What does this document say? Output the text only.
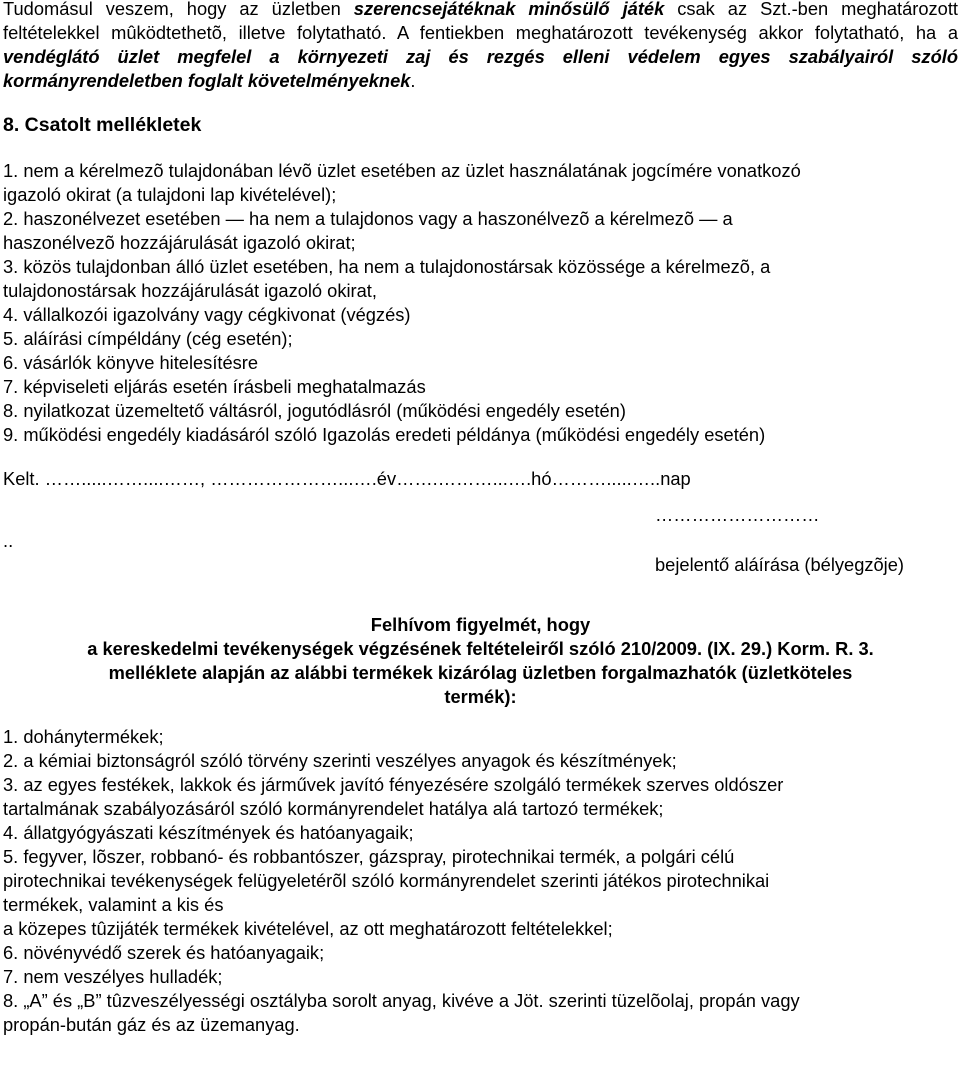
Tudomásul veszem, hogy az üzletben szerencsejátéknak minősülő játék csak az Szt.-ben meghatározott
feltételekkel mûködtethetõ, illetve folytatható. A fentiekben meghatározott tevékenység akkor folytatható, ha a
vendéglátó üzlet megfelel a környezeti zaj és rezgés elleni védelem egyes szabályairól szóló
kormányrendeletben foglalt követelményeknek.
8. Csatolt mellékletek
1. nem a kérelmezõ tulajdonában lévõ üzlet esetében az üzlet használatának jogcímére vonatkozó
igazoló okirat (a tulajdoni lap kivételével);
2. haszonélvezet esetében — ha nem a tulajdonos vagy a haszonélvezõ a kérelmezõ — a
haszonélvezõ hozzájárulását igazoló okirat;
3. közös tulajdonban álló üzlet esetében, ha nem a tulajdonostársak közössége a kérelmezõ, a
tulajdonostársak hozzájárulását igazoló okirat,
4. vállalkozói igazolvány vagy cégkivonat (végzés)
5. aláírási címpéldány (cég esetén);
6. vásárlók könyve hitelesítésre
7. képviseleti eljárás esetén írásbeli meghatalmazás
8. nyilatkozat üzemeltető váltásról, jogutódlásról (működési engedély esetén)
9. működési engedély kiadásáról szóló Igazolás eredeti példánya (működési engedély esetén)
Kelt. …….....……....……, …………………...….év…….………...….hó……….....…..nap
………………………
..
bejelentő aláírása (bélyegzõje)
Felhívom figyelmét, hogy
a kereskedelmi tevékenységek végzésének feltételeiről szóló 210/2009. (IX. 29.) Korm. R. 3.
melléklete alapján az alábbi termékek kizárólag üzletben forgalmazhatók (üzletköteles
termék):
1. dohánytermékek;
2. a kémiai biztonságról szóló törvény szerinti veszélyes anyagok és készítmények;
3. az egyes festékek, lakkok és járművek javító fényezésére szolgáló termékek szerves oldószer
tartalmának szabályozásáról szóló kormányrendelet hatálya alá tartozó termékek;
4. állatgyógyászati készítmények és hatóanyagaik;
5. fegyver, lõszer, robbanó- és robbantószer, gázspray, pirotechnikai termék, a polgári célú
pirotechnikai tevékenységek felügyeletérõl szóló kormányrendelet szerinti játékos pirotechnikai
termékek, valamint a kis és
a közepes tûzijáték termékek kivételével, az ott meghatározott feltételekkel;
6. növényvédő szerek és hatóanyagaik;
7. nem veszélyes hulladék;
8. „A” és „B” tûzveszélyességi osztályba sorolt anyag, kivéve a Jöt. szerinti tüzelõolaj, propán vagy
propán-bután gáz és az üzemanyag.
